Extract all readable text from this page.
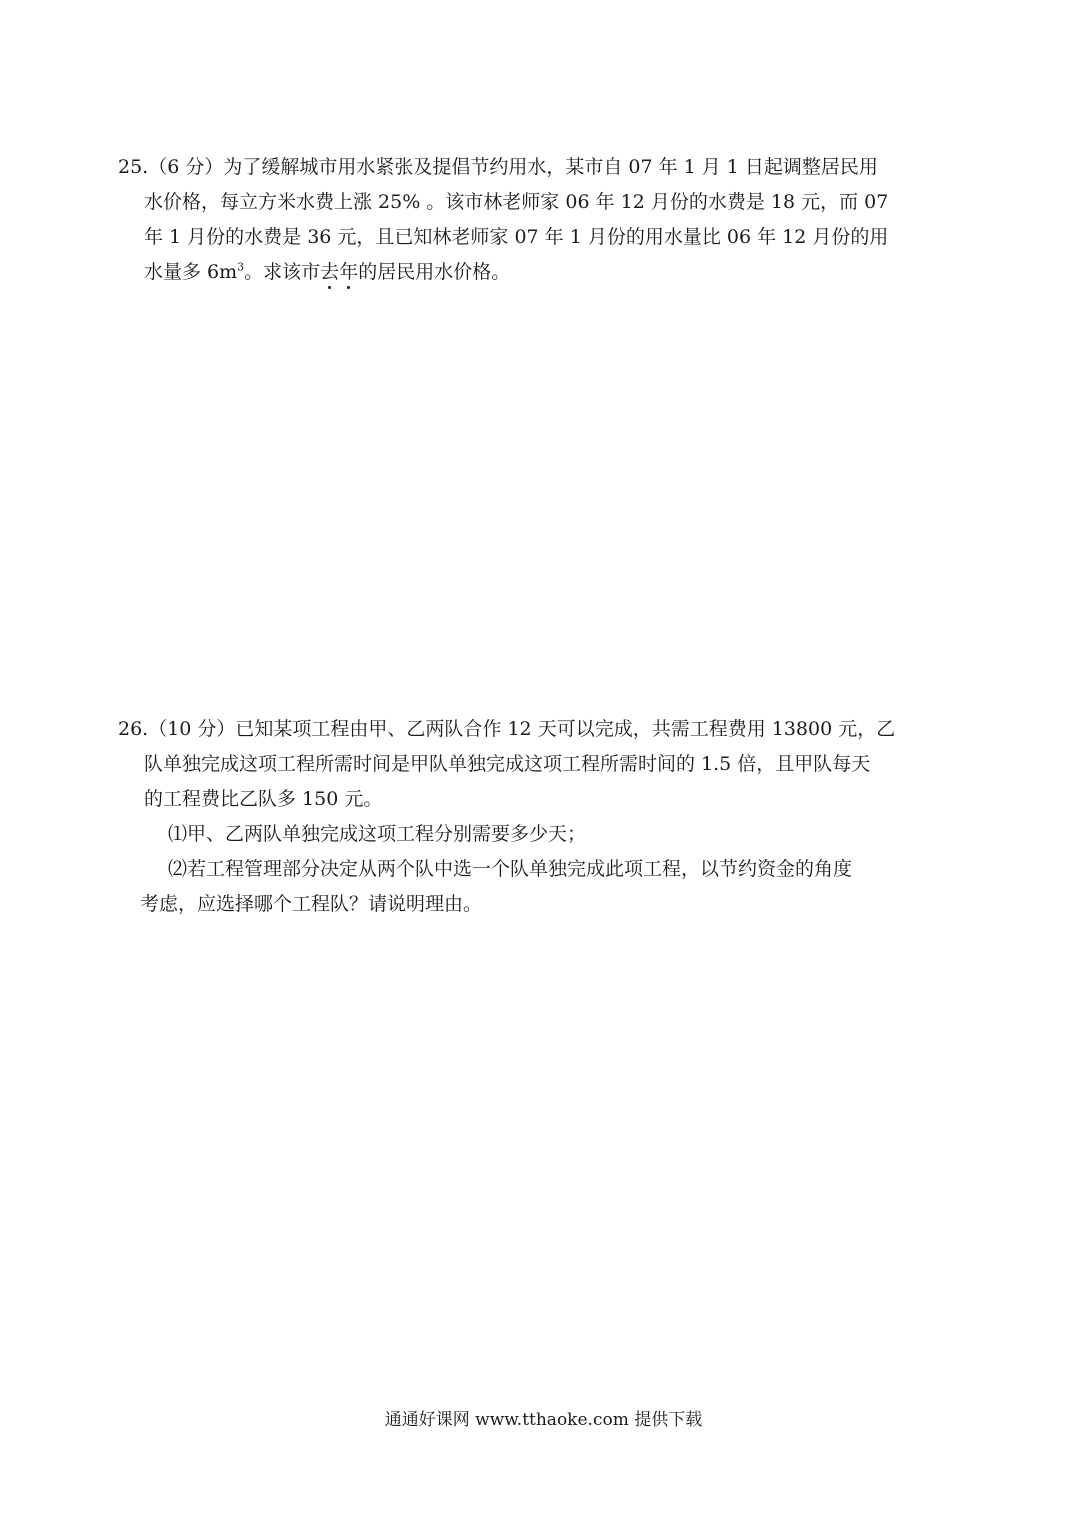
25.（6 分）为了缓解城市用水紧张及提倡节约用水，某市自 07 年 1 月 1 日起调整居民用
水价格，每立方米水费上涨 25% 。该市林老师家 06 年 12 月份的水费是 18 元，而 07
年 1 月份的水费是 36 元，且已知林老师家 07 年 1 月份的用水量比 06 年 12 月份的用
水量多 $6m^3$。求该市去年的居民用水价格。
26.（10 分）已知某项工程由甲、乙两队合作 12 天可以完成，共需工程费用 13800 元，乙
队单独完成这项工程所需时间是甲队单独完成这项工程所需时间的 1.5 倍，且甲队每天
的工程费比乙队多 150 元。
⑴甲、乙两队单独完成这项工程分别需要多少天；
⑵若工程管理部分决定从两个队中选一个队单独完成此项工程，以节约资金的角度
考虑，应选择哪个工程队？请说明理由。
通通好课网 www.tthaoke.com 提供下载
